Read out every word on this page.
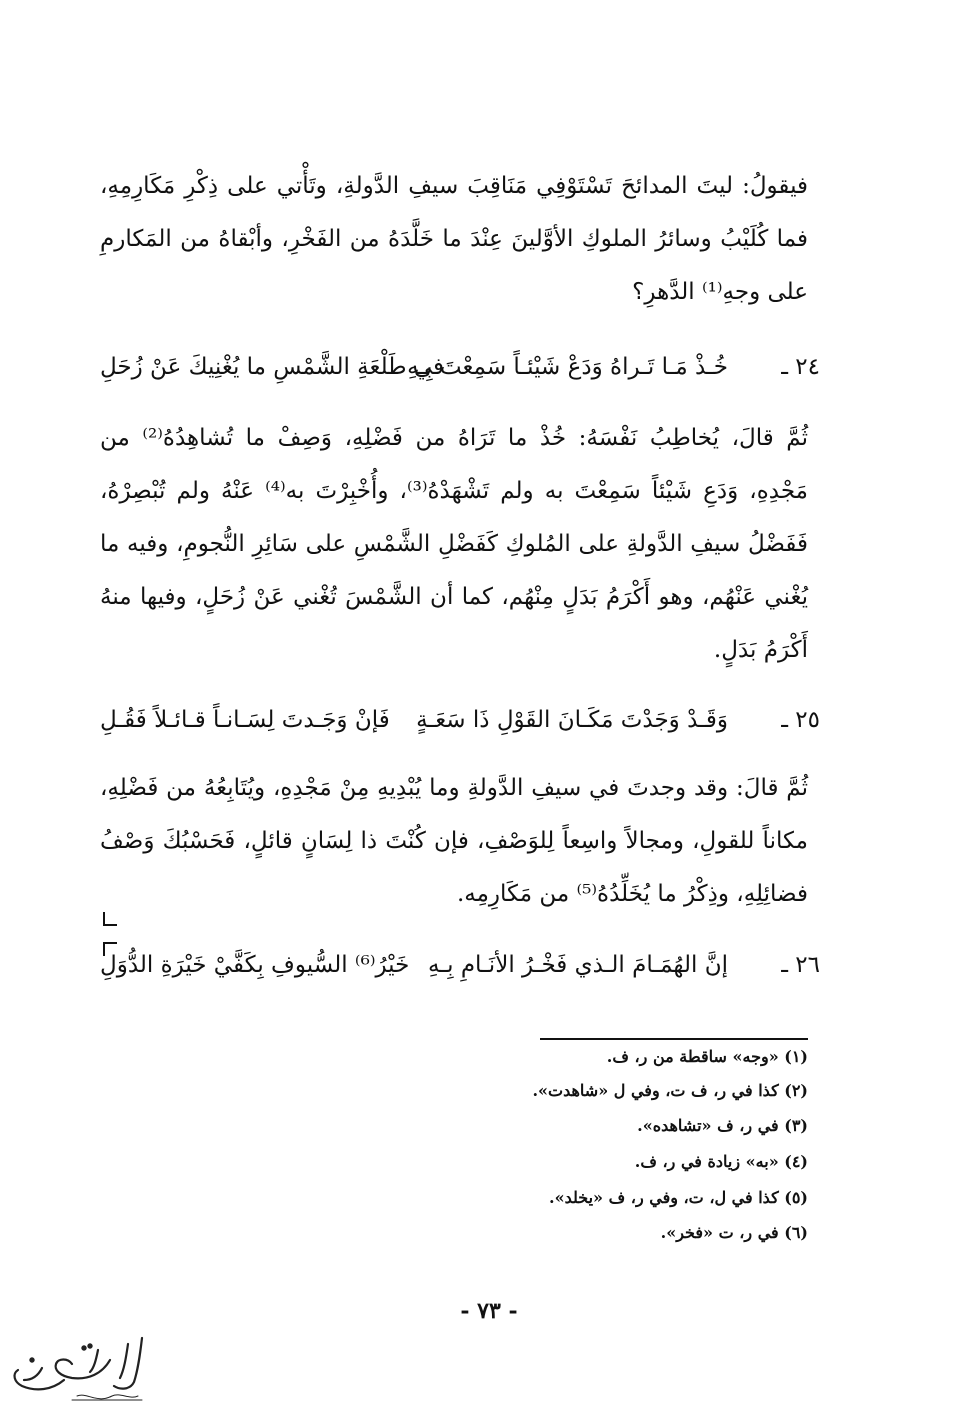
فيقولُ: ليتَ المدائحَ تَسْتَوْفِي مَنَاقِبَ سيفِ الدَّولةِ، وتَأْتي على ذِكْرِ مَكَارِمِهِ، فما كُلَيْبُ وسائرُ الملوكِ الأوَّلينَ عِنْدَ ما خَلَّدَهُ من الفَخْرِ، وأبْقاهُ من المَكارمِ على وجهِ⁽¹⁾ الدَّهرِ؟

٢٤ ـ
خُـذْ مَـا تَـراهُ وَدَعْ شَيْئـاً سَمِعْتَ بِـهِ
في طَلْعَةِ الشَّمْسِ ما يُغْنِيكَ عَنْ زُحَلِ

ثُمَّ قالَ، يُخاطِبُ نَفْسَهُ: خُذْ ما تَرَاهُ من فَضْلِهِ، وَصِفْ ما تُشاهِدُهُ⁽²⁾ من مَجْدِهِ، وَدَعِ شَيْئاً سَمِعْتَ به ولم تَشْهَدْهُ⁽³⁾، وأُخْبِرْتَ به⁽⁴⁾ عَنْهُ ولم تُبْصِرْهُ، فَفَضْلُ سيفِ الدَّولةِ على المُلوكِ كَفَضْلِ الشَّمْسِ على سَائِرِ النُّجومِ، وفيه ما يُغْني عَنْهُم، وهو أَكْرَمُ بَدَلٍ مِنْهُم، كما أن الشَّمْسَ تُغْني عَنْ زُحَلٍ، وفيها منهُ أَكْرَمُ بَدَلٍ.

٢٥ ـ
وَقَـدْ وَجَدْتَ مَكَـانَ القَوْلِ ذَا سَعَـةٍ
فَإنْ وَجَـدتَ لِسَـانـاً قـائـلاً فَقُـلِ

ثُمَّ قالَ: وقد وجدتَ في سيفِ الدَّولةِ وما يُبْدِيهِ مِنْ مَجْدِهِ، ويُتَابِعُهُ من فَضْلِهِ، مكاناً للقولِ، ومجالاً واسِعاً لِلوَصْفِ، فإن كُنْتَ ذا لِسَانٍ قائلٍ، فَحَسْبُكَ وَصْفُ فضائِلِهِ، وذِكْرُ ما يُخَلِّدُهُ⁽⁵⁾ من مَكَارِمِه.

٢٦ ـ
إنَّ الهُمَـامَ الـذي فَخْـرُ الأنَـامِ بِـهِ
خَيْرُ⁽⁶⁾ السُّيوفِ بِكَفَّيْ خَيْرَةِ الدُّوَلِ
(١) «وجه» ساقطة من ر، ف.
(٢) كذا في ر، ف ت، وفي ل «شاهدت».
(٣) في ر، ف «تشاهده».
(٤) «به» زيادة في ر، ف.
(٥) كذا في ل، ت، وفي ر، ف «يخلد».
(٦) في ر، ت «فخر».
- ٧٣ -
